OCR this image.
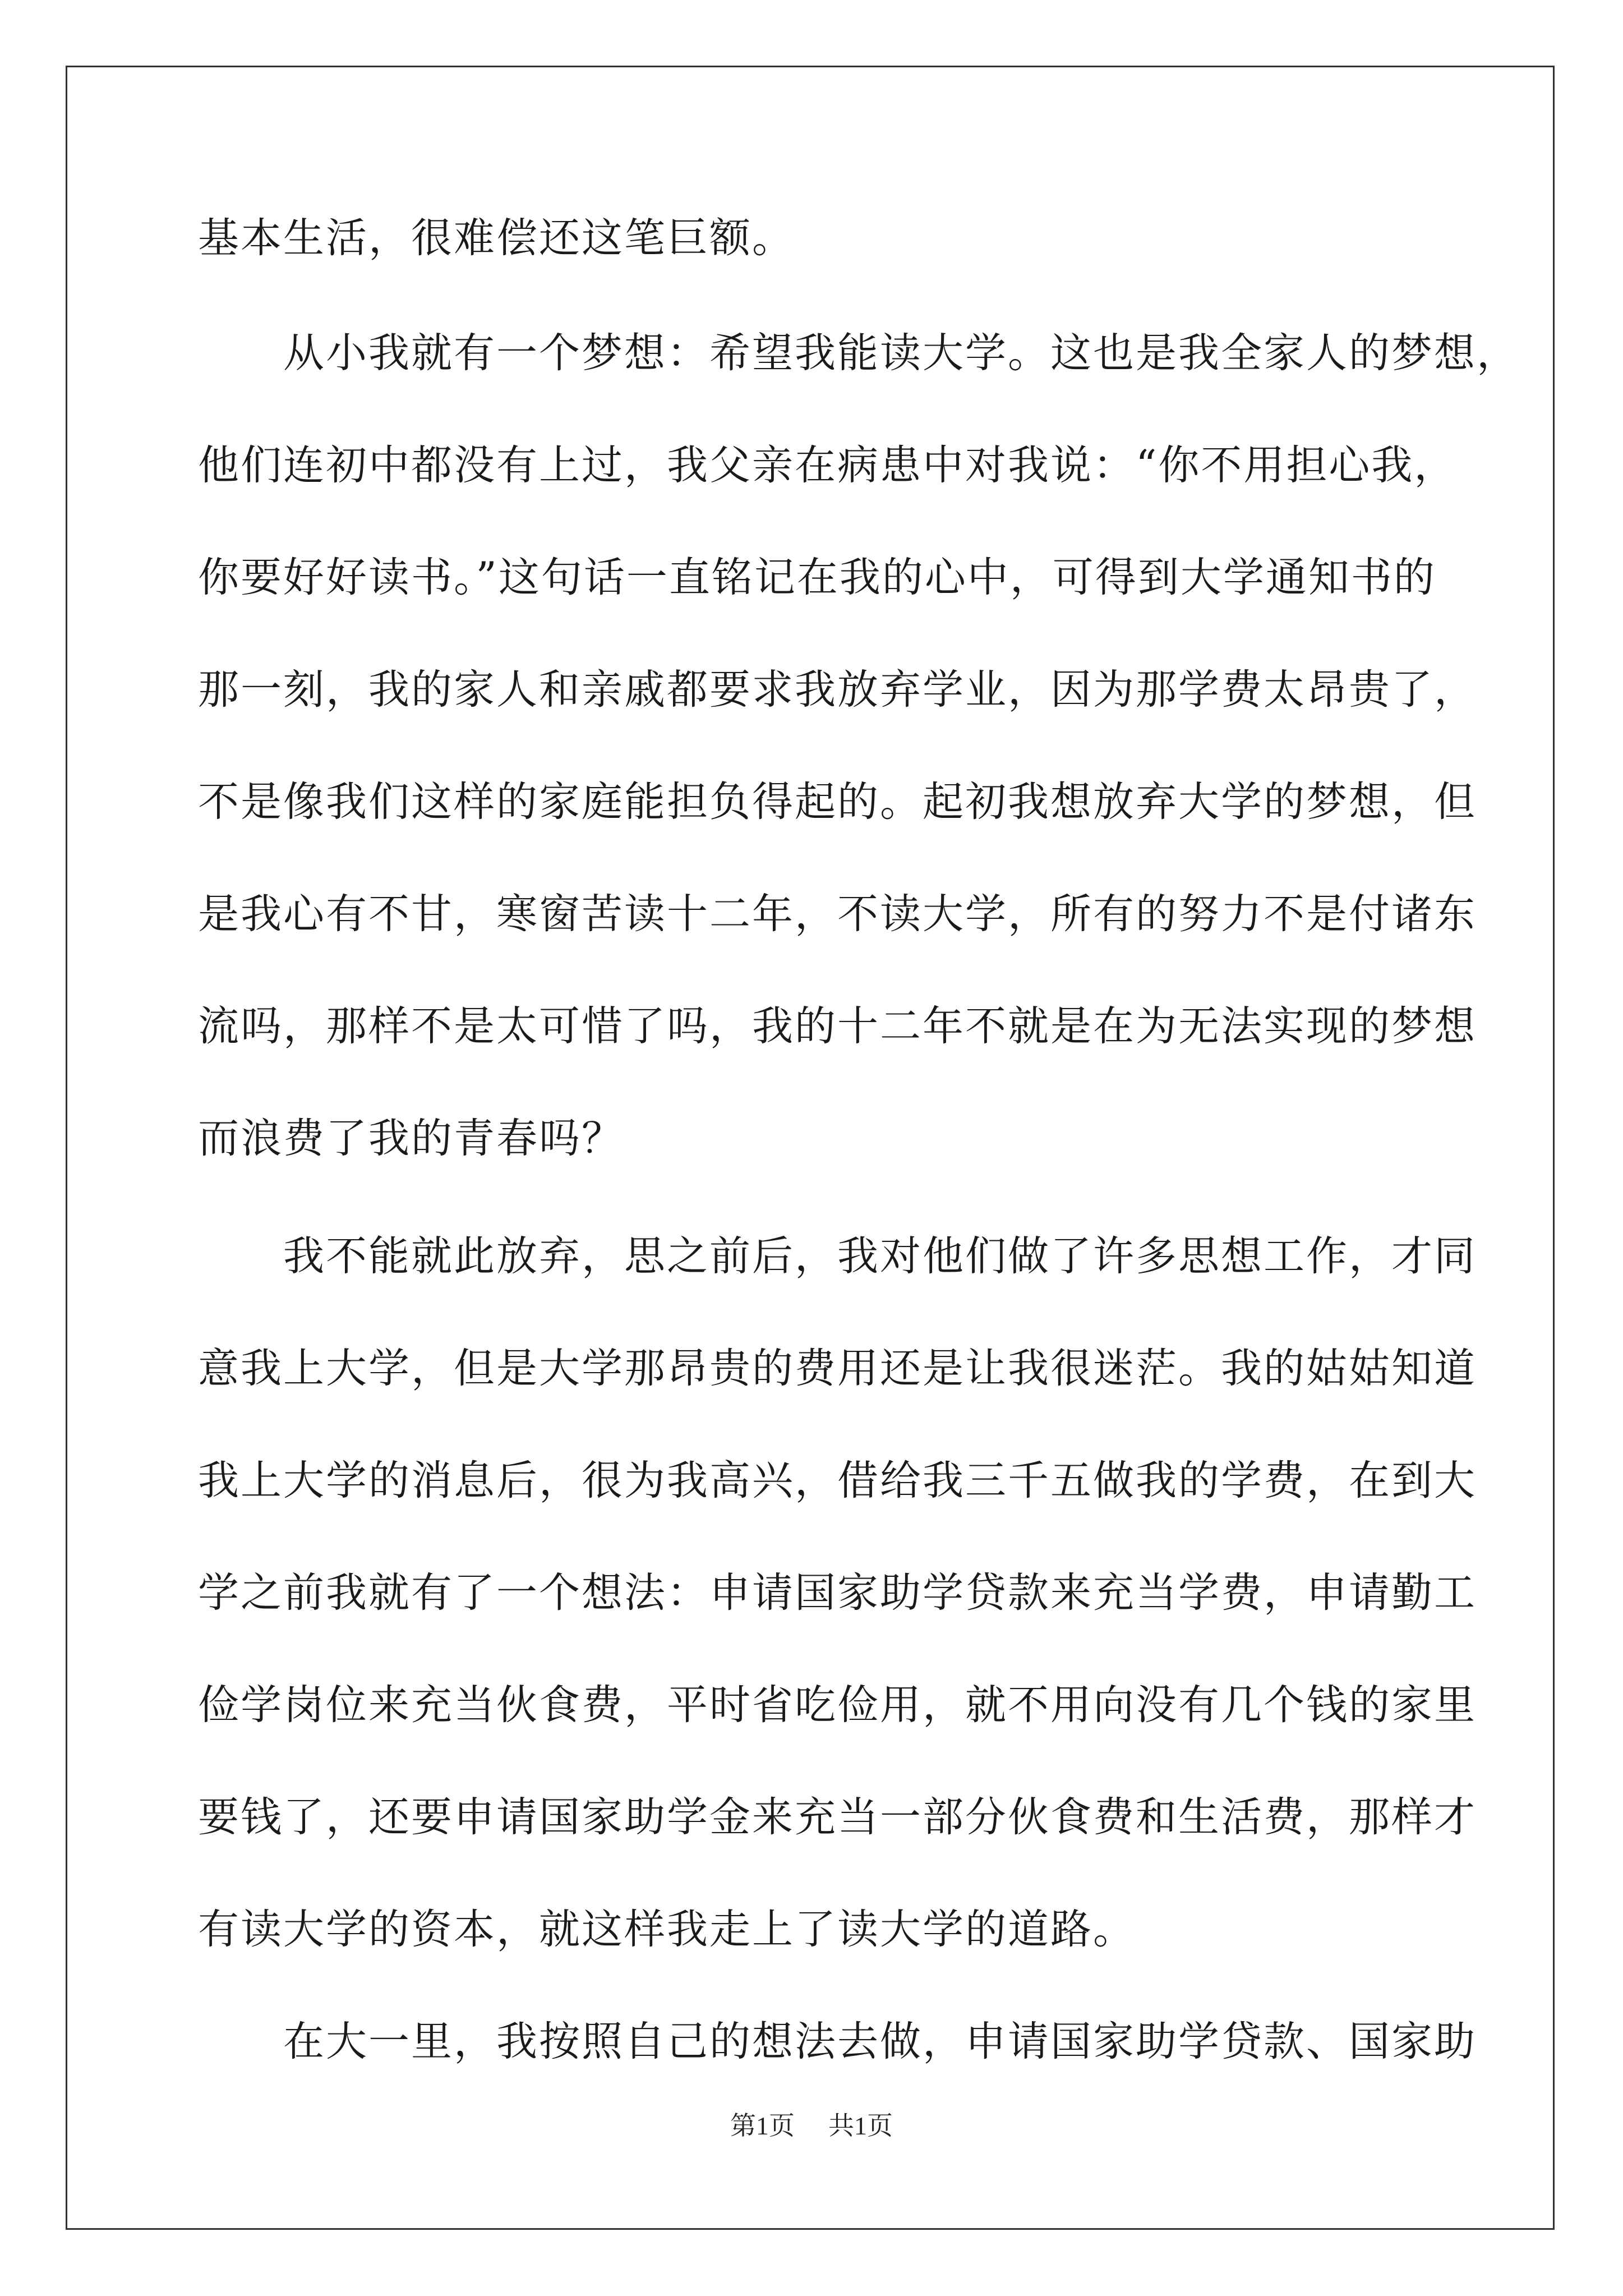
基本生活，很难偿还这笔巨额。
　　从小我就有一个梦想：希望我能读大学。这也是我全家人的梦想，
他们连初中都没有上过，我父亲在病患中对我说：“你不用担心我，
你要好好读书。”这句话一直铭记在我的心中，可得到大学通知书的
那一刻，我的家人和亲戚都要求我放弃学业，因为那学费太昂贵了，
不是像我们这样的家庭能担负得起的。起初我想放弃大学的梦想，但
是我心有不甘，寒窗苦读十二年，不读大学，所有的努力不是付诸东
流吗，那样不是太可惜了吗，我的十二年不就是在为无法实现的梦想
而浪费了我的青春吗？
　　我不能就此放弃，思之前后，我对他们做了许多思想工作，才同
意我上大学，但是大学那昂贵的费用还是让我很迷茫。我的姑姑知道
我上大学的消息后，很为我高兴，借给我三千五做我的学费，在到大
学之前我就有了一个想法：申请国家助学贷款来充当学费，申请勤工
俭学岗位来充当伙食费，平时省吃俭用，就不用向没有几个钱的家里
要钱了，还要申请国家助学金来充当一部分伙食费和生活费，那样才
有读大学的资本，就这样我走上了读大学的道路。
　　在大一里，我按照自己的想法去做，申请国家助学贷款、国家助
第1页 共1页
